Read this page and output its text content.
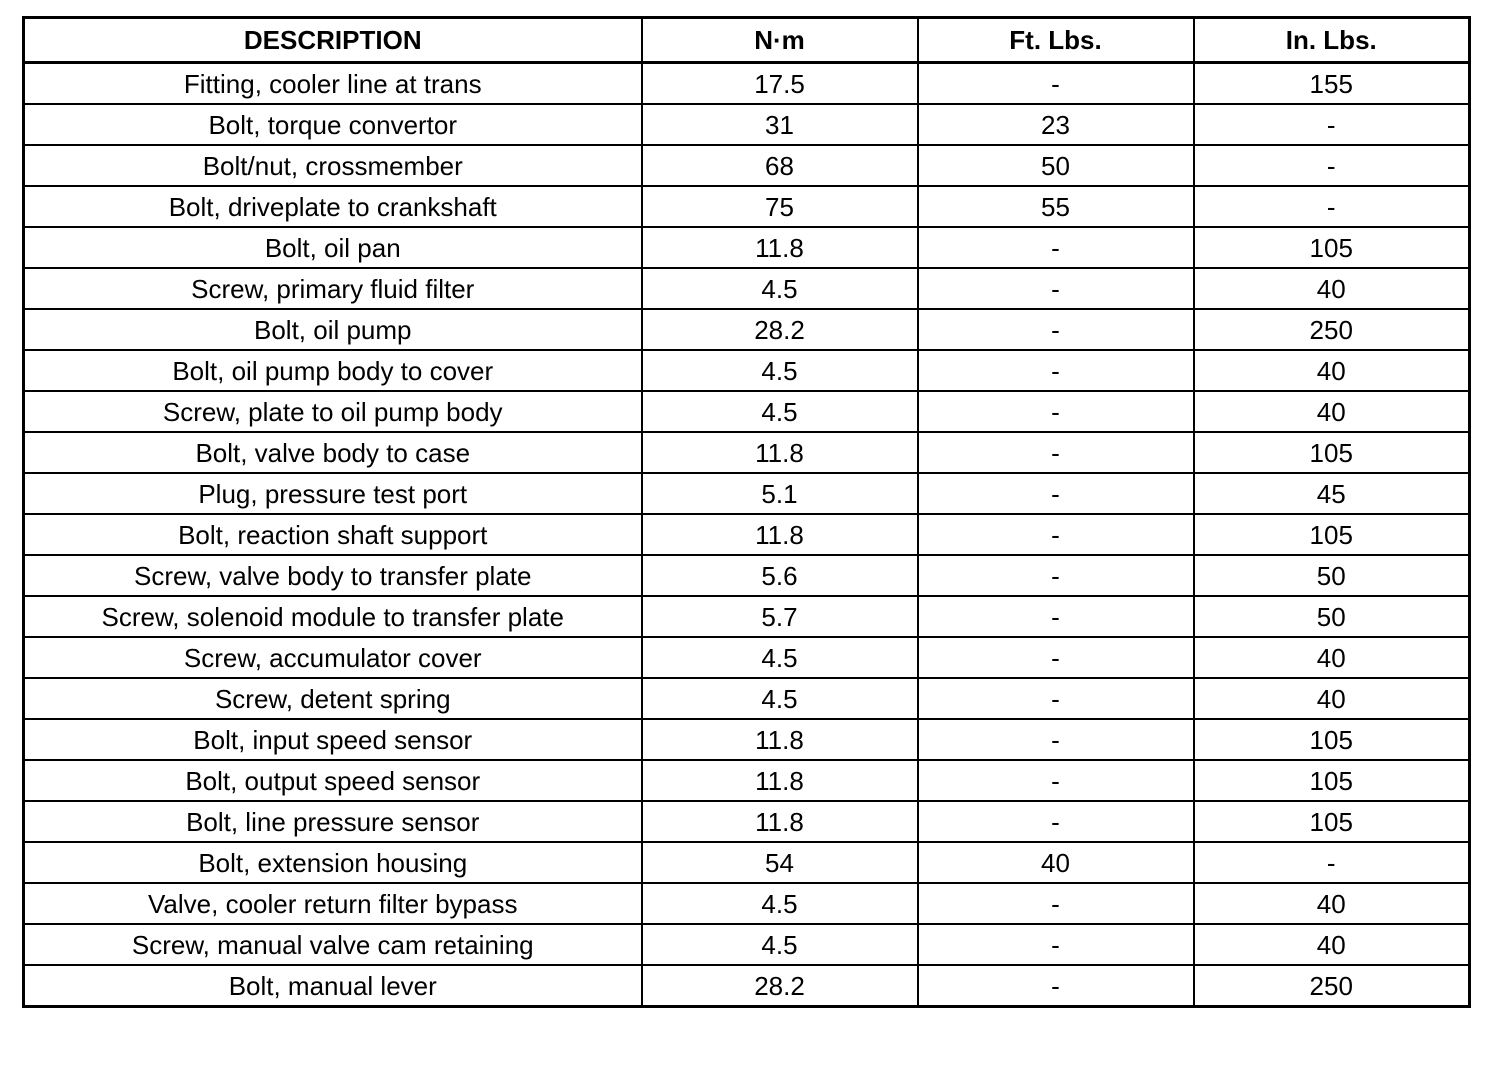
DESCRIPTION	N·m	Ft. Lbs.	In. Lbs.
Fitting, cooler line at trans	17.5	-	155
Bolt, torque convertor	31	23	-
Bolt/nut, crossmember	68	50	-
Bolt, driveplate to crankshaft	75	55	-
Bolt, oil pan	11.8	-	105
Screw, primary fluid filter	4.5	-	40
Bolt, oil pump	28.2	-	250
Bolt, oil pump body to cover	4.5	-	40
Screw, plate to oil pump body	4.5	-	40
Bolt, valve body to case	11.8	-	105
Plug, pressure test port	5.1	-	45
Bolt, reaction shaft support	11.8	-	105
Screw, valve body to transfer plate	5.6	-	50
Screw, solenoid module to transfer plate	5.7	-	50
Screw, accumulator cover	4.5	-	40
Screw, detent spring	4.5	-	40
Bolt, input speed sensor	11.8	-	105
Bolt, output speed sensor	11.8	-	105
Bolt, line pressure sensor	11.8	-	105
Bolt, extension housing	54	40	-
Valve, cooler return filter bypass	4.5	-	40
Screw, manual valve cam retaining	4.5	-	40
Bolt, manual lever	28.2	-	250
